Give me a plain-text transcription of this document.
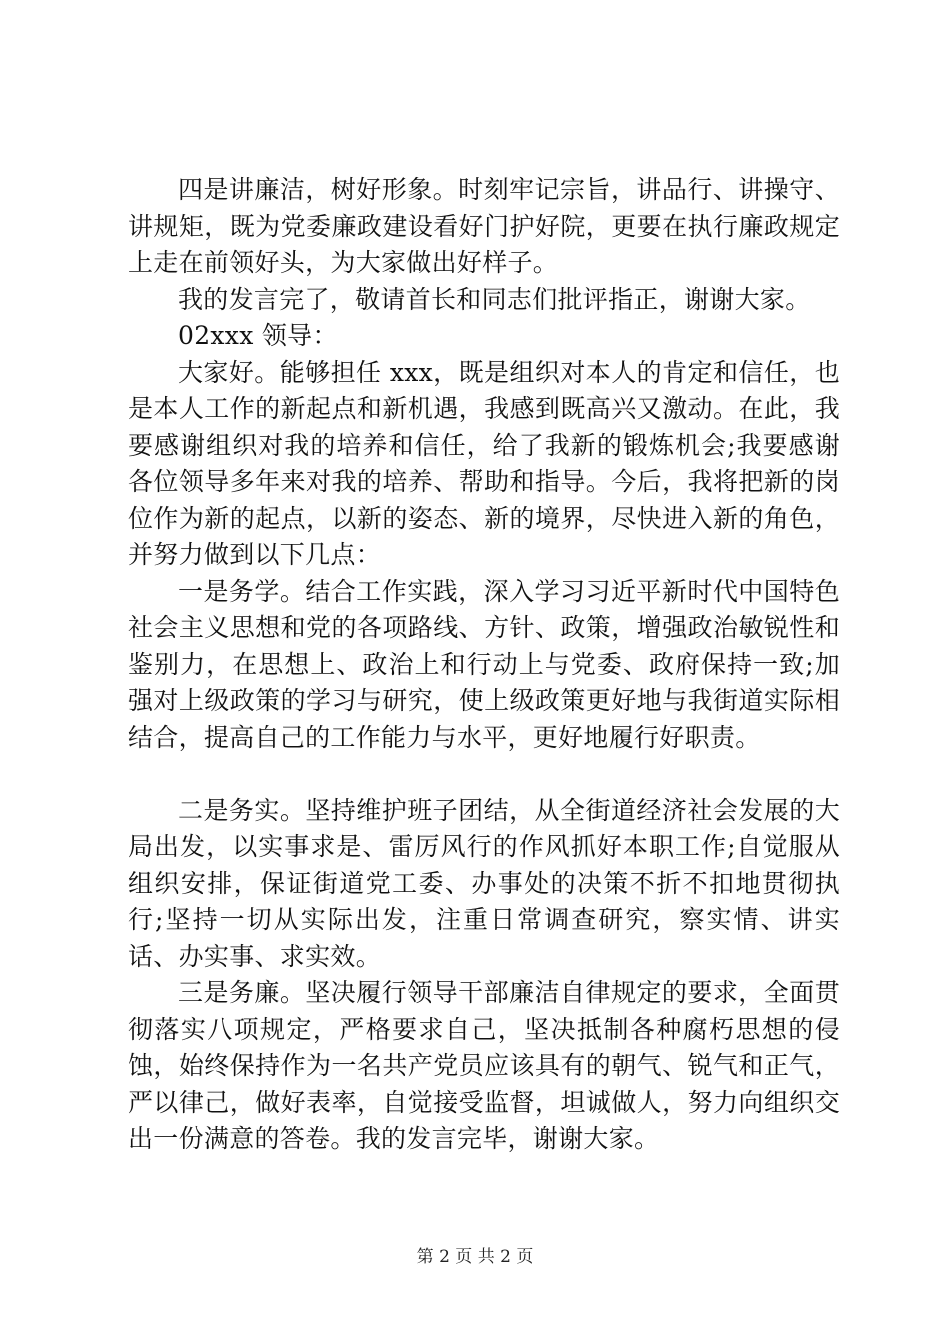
四是讲廉洁，树好形象。时刻牢记宗旨，讲品行、讲操守、讲规矩，既为党委廉政建设看好门护好院，更要在执行廉政规定上走在前领好头，为大家做出好样子。

我的发言完了，敬请首长和同志们批评指正，谢谢大家。

02xxx 领导：

大家好。能够担任 xxx，既是组织对本人的肯定和信任，也是本人工作的新起点和新机遇，我感到既高兴又激动。在此，我要感谢组织对我的培养和信任，给了我新的锻炼机会;我要感谢各位领导多年来对我的培养、帮助和指导。今后，我将把新的岗位作为新的起点，以新的姿态、新的境界，尽快进入新的角色，并努力做到以下几点：

一是务学。结合工作实践，深入学习习近平新时代中国特色社会主义思想和党的各项路线、方针、政策，增强政治敏锐性和鉴别力，在思想上、政治上和行动上与党委、政府保持一致;加强对上级政策的学习与研究，使上级政策更好地与我街道实际相结合，提高自己的工作能力与水平，更好地履行好职责。

二是务实。坚持维护班子团结，从全街道经济社会发展的大局出发，以实事求是、雷厉风行的作风抓好本职工作;自觉服从组织安排，保证街道党工委、办事处的决策不折不扣地贯彻执行;坚持一切从实际出发，注重日常调查研究，察实情、讲实话、办实事、求实效。

三是务廉。坚决履行领导干部廉洁自律规定的要求，全面贯彻落实八项规定，严格要求自己，坚决抵制各种腐朽思想的侵蚀，始终保持作为一名共产党员应该具有的朝气、锐气和正气，严以律己，做好表率，自觉接受监督，坦诚做人，努力向组织交出一份满意的答卷。我的发言完毕，谢谢大家。

第 2 页 共 2 页
